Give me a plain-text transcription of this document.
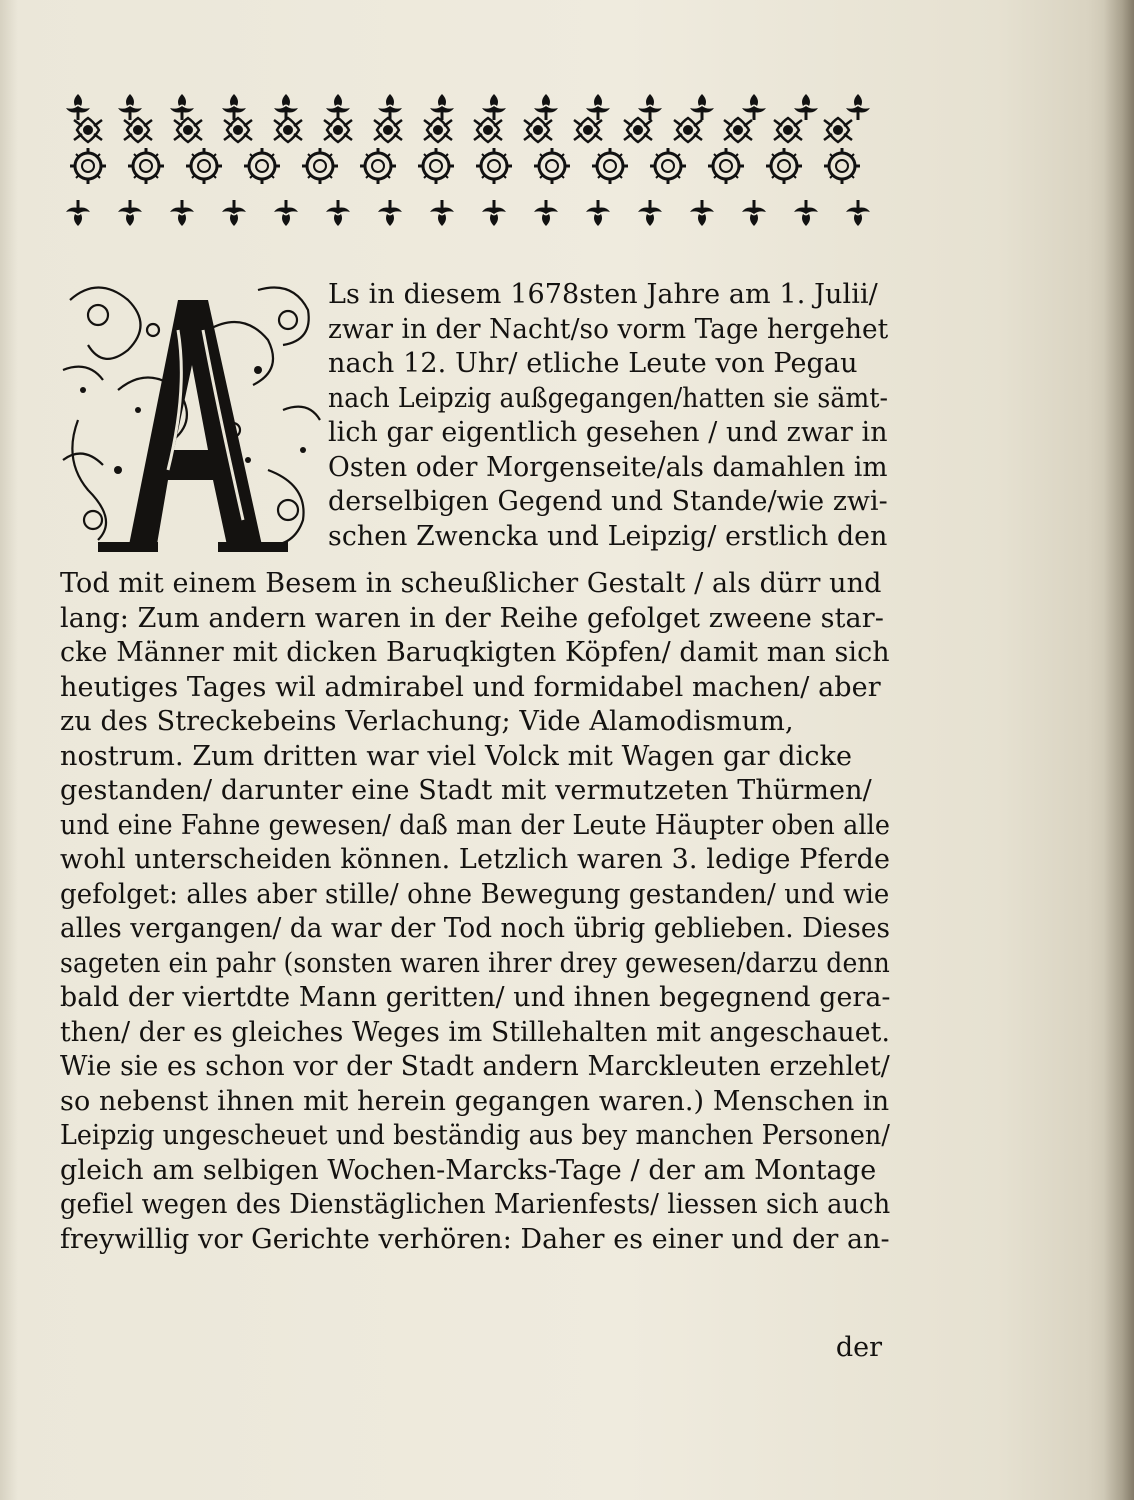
Ls in diesem 1678sten Jahre am 1. Julii/
zwar in der Nacht/so vorm Tage hergehet
nach 12. Uhr/ etliche Leute von Pegau
nach Leipzig außgegangen/hatten sie sämt-
lich gar eigentlich gesehen / und zwar in
Osten oder Morgenseite/als damahlen im
derselbigen Gegend und Stande/wie zwi-
schen Zwencka und Leipzig/ erstlich den
Tod mit einem Besem in scheußlicher Gestalt / als dürr und
lang: Zum andern waren in der Reihe gefolget zweene star-
cke Männer mit dicken Baruqkigten Köpfen/ damit man sich
heutiges Tages wil admirabel und formidabel machen/ aber
zu des Streckebeins Verlachung; Vide Alamodismum,
nostrum. Zum dritten war viel Volck mit Wagen gar dicke
gestanden/ darunter eine Stadt mit vermutzeten Thürmen/
und eine Fahne gewesen/ daß man der Leute Häupter oben alle
wohl unterscheiden können. Letzlich waren 3. ledige Pferde
gefolget: alles aber stille/ ohne Bewegung gestanden/ und wie
alles vergangen/ da war der Tod noch übrig geblieben. Dieses
sageten ein pahr (sonsten waren ihrer drey gewesen/darzu denn
bald der viertdte Mann geritten/ und ihnen begegnend gera-
then/ der es gleiches Weges im Stillehalten mit angeschauet.
Wie sie es schon vor der Stadt andern Marckleuten erzehlet/
so nebenst ihnen mit herein gegangen waren.) Menschen in
Leipzig ungescheuet und beständig aus bey manchen Personen/
gleich am selbigen Wochen-Marcks-Tage / der am Montage
gefiel wegen des Dienstäglichen Marienfests/ liessen sich auch
freywillig vor Gerichte verhören: Daher es einer und der an-
der
